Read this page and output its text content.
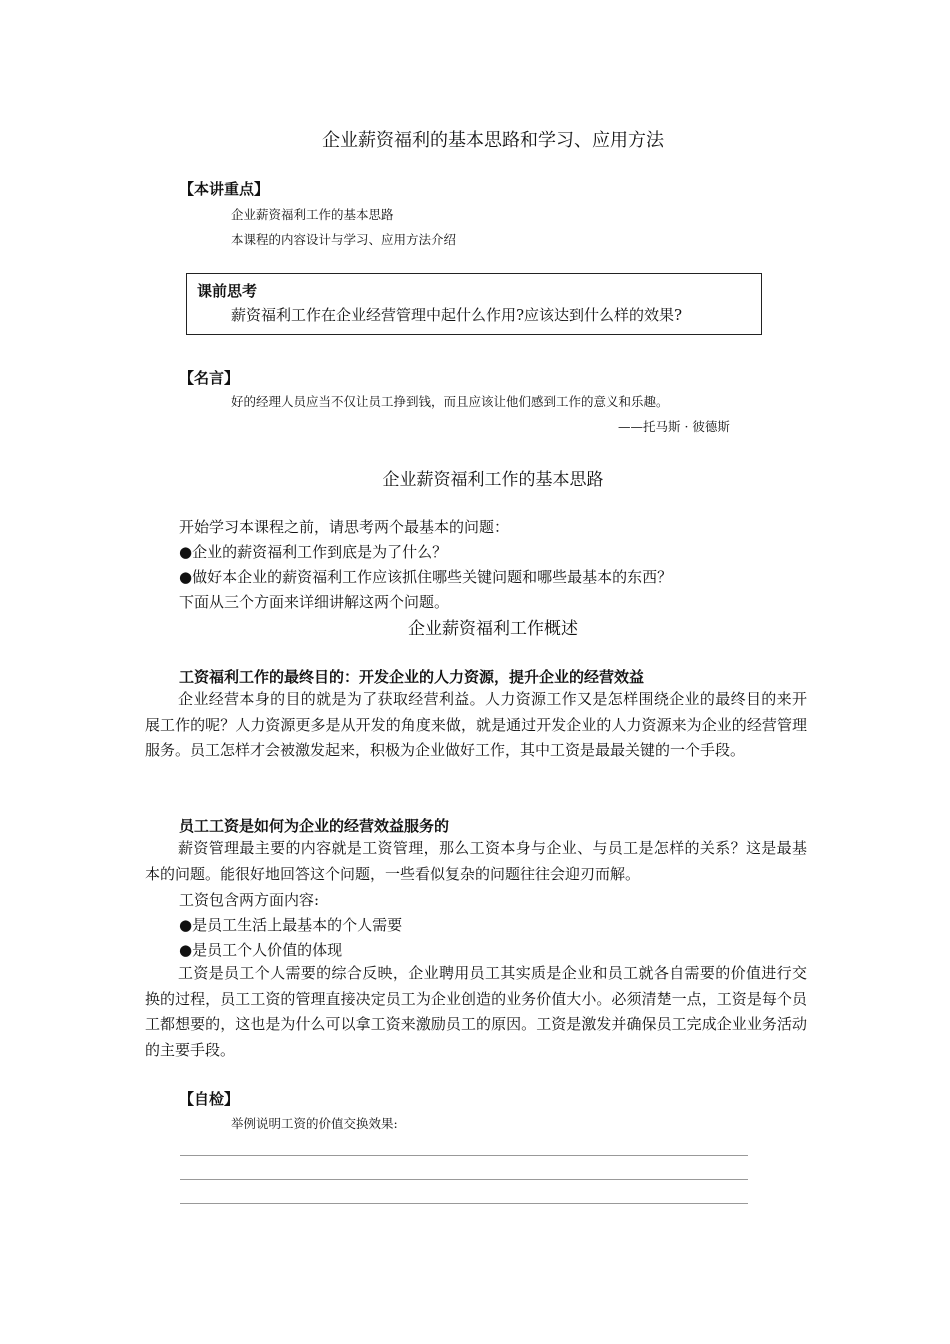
企业薪资福利的基本思路和学习、应用方法
【本讲重点】
企业薪资福利工作的基本思路
本课程的内容设计与学习、应用方法介绍
课前思考
薪资福利工作在企业经营管理中起什么作用?应该达到什么样的效果?
【名言】
好的经理人员应当不仅让员工挣到钱，而且应该让他们感到工作的意义和乐趣。
——托马斯 · 彼德斯
企业薪资福利工作的基本思路
开始学习本课程之前，请思考两个最基本的问题：
●企业的薪资福利工作到底是为了什么？
●做好本企业的薪资福利工作应该抓住哪些关键问题和哪些最基本的东西？
下面从三个方面来详细讲解这两个问题。
企业薪资福利工作概述
工资福利工作的最终目的：开发企业的人力资源，提升企业的经营效益
企业经营本身的目的就是为了获取经营利益。人力资源工作又是怎样围绕企业的最终目的来开展工作的呢？人力资源更多是从开发的角度来做，就是通过开发企业的人力资源来为企业的经营管理服务。员工怎样才会被激发起来，积极为企业做好工作，其中工资是最最关键的一个手段。
员工工资是如何为企业的经营效益服务的
薪资管理最主要的内容就是工资管理，那么工资本身与企业、与员工是怎样的关系？这是最基本的问题。能很好地回答这个问题，一些看似复杂的问题往往会迎刃而解。
工资包含两方面内容:
●是员工生活上最基本的个人需要
●是员工个人价值的体现
工资是员工个人需要的综合反映，企业聘用员工其实质是企业和员工就各自需要的价值进行交换的过程，员工工资的管理直接决定员工为企业创造的业务价值大小。必须清楚一点，工资是每个员工都想要的，这也是为什么可以拿工资来激励员工的原因。工资是激发并确保员工完成企业业务活动的主要手段。
【自检】
举例说明工资的价值交换效果:
